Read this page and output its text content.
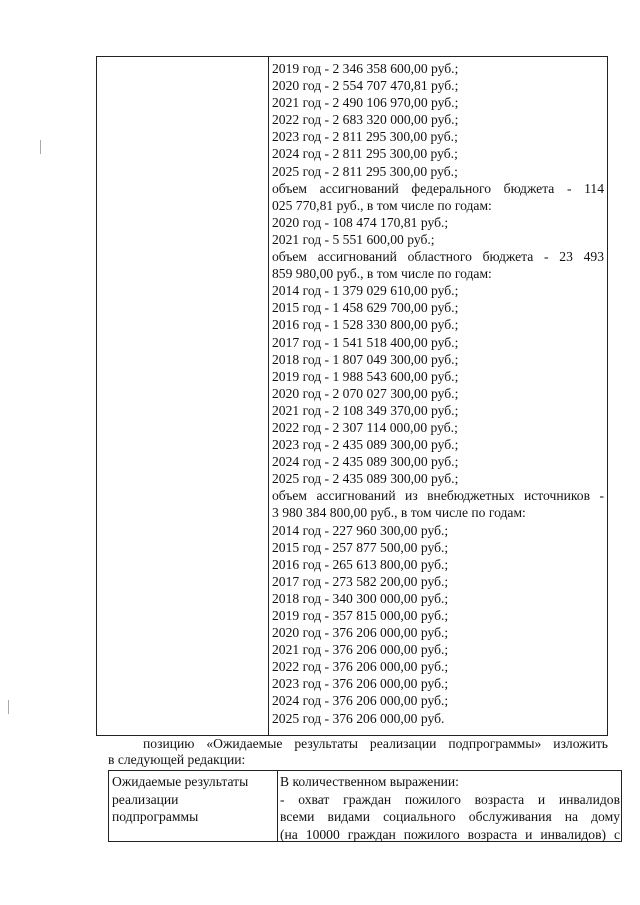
2019 год - 2 346 358 600,00 руб.;
2020 год - 2 554 707 470,81 руб.;
2021 год - 2 490 106 970,00 руб.;
2022 год - 2 683 320 000,00 руб.;
2023 год - 2 811 295 300,00 руб.;
2024 год - 2 811 295 300,00 руб.;
2025 год - 2 811 295 300,00 руб.;
объем ассигнований федерального бюджета - 114
025 770,81 руб., в том числе по годам:
2020 год - 108 474 170,81 руб.;
2021 год - 5 551 600,00 руб.;
объем ассигнований областного бюджета - 23 493
859 980,00 руб., в том числе по годам:
2014 год - 1 379 029 610,00 руб.;
2015 год - 1 458 629 700,00 руб.;
2016 год - 1 528 330 800,00 руб.;
2017 год - 1 541 518 400,00 руб.;
2018 год - 1 807 049 300,00 руб.;
2019 год - 1 988 543 600,00 руб.;
2020 год - 2 070 027 300,00 руб.;
2021 год - 2 108 349 370,00 руб.;
2022 год - 2 307 114 000,00 руб.;
2023 год - 2 435 089 300,00 руб.;
2024 год - 2 435 089 300,00 руб.;
2025 год - 2 435 089 300,00 руб.;
объем ассигнований из внебюджетных источников -
3 980 384 800,00 руб., в том числе по годам:
2014 год - 227 960 300,00 руб.;
2015 год - 257 877 500,00 руб.;
2016 год - 265 613 800,00 руб.;
2017 год - 273 582 200,00 руб.;
2018 год - 340 300 000,00 руб.;
2019 год - 357 815 000,00 руб.;
2020 год - 376 206 000,00 руб.;
2021 год - 376 206 000,00 руб.;
2022 год - 376 206 000,00 руб.;
2023 год - 376 206 000,00 руб.;
2024 год - 376 206 000,00 руб.;
2025 год - 376 206 000,00 руб.
позицию «Ожидаемые результаты реализации подпрограммы» изложить
в следующей редакции:
Ожидаемые результаты
реализации
подпрограммы
В количественном выражении:
- охват граждан пожилого возраста и инвалидов
всеми видами социального обслуживания на дому
(на 10000 граждан пожилого возраста и инвалидов) с
